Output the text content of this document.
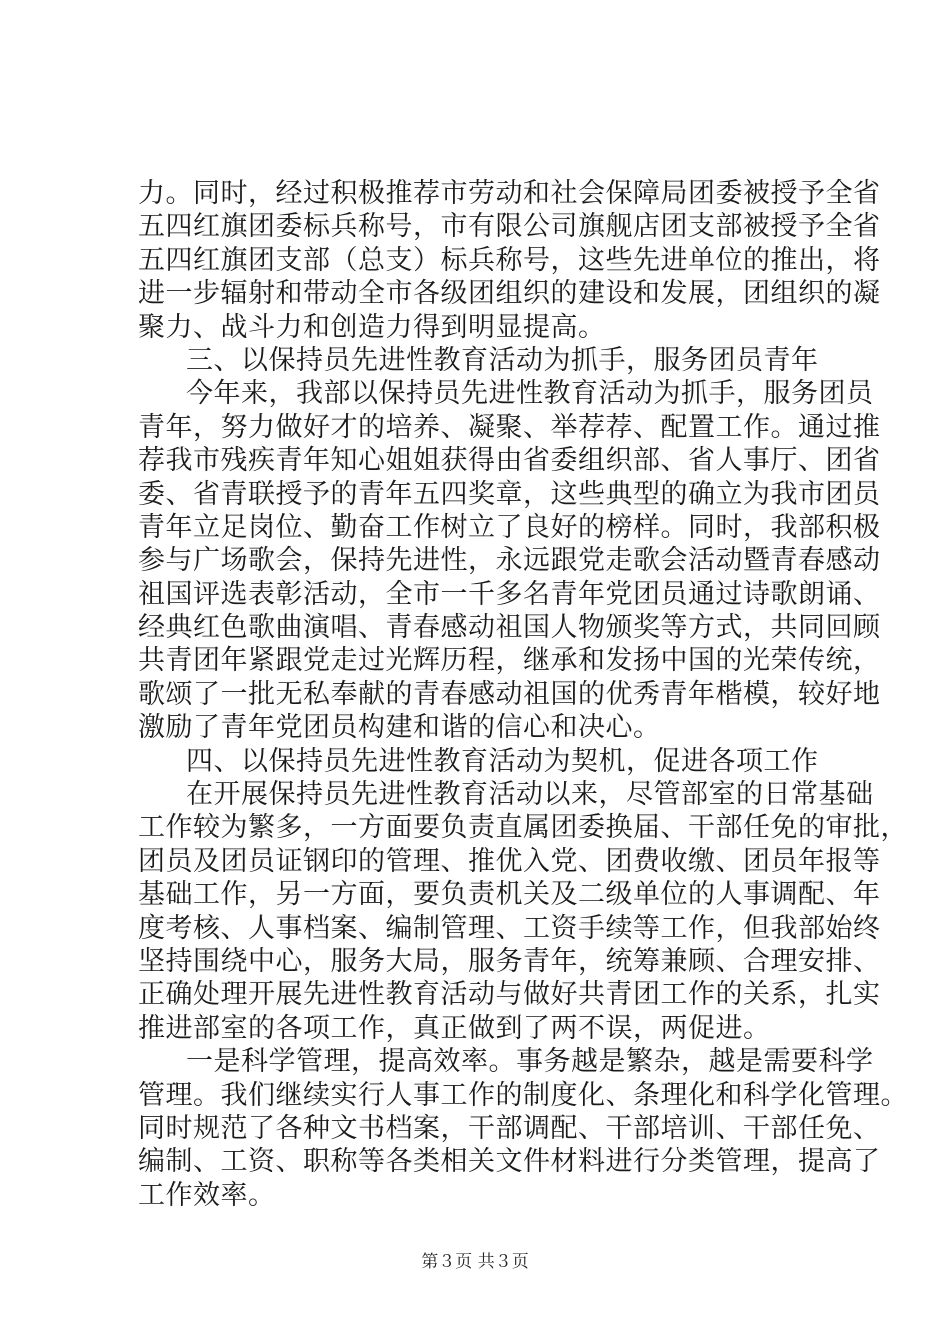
力。同时，经过积极推荐市劳动和社会保障局团委被授予全省
五四红旗团委标兵称号，市有限公司旗舰店团支部被授予全省
五四红旗团支部（总支）标兵称号，这些先进单位的推出，将
进一步辐射和带动全市各级团组织的建设和发展，团组织的凝
聚力、战斗力和创造力得到明显提高。
三、以保持员先进性教育活动为抓手，服务团员青年
今年来，我部以保持员先进性教育活动为抓手，服务团员
青年，努力做好才的培养、凝聚、举荐荐、配置工作。通过推
荐我市残疾青年知心姐姐获得由省委组织部、省人事厅、团省
委、省青联授予的青年五四奖章，这些典型的确立为我市团员
青年立足岗位、勤奋工作树立了良好的榜样。同时，我部积极
参与广场歌会，保持先进性，永远跟党走歌会活动暨青春感动
祖国评选表彰活动，全市一千多名青年党团员通过诗歌朗诵、
经典红色歌曲演唱、青春感动祖国人物颁奖等方式，共同回顾
共青团年紧跟党走过光辉历程，继承和发扬中国的光荣传统，
歌颂了一批无私奉献的青春感动祖国的优秀青年楷模，较好地
激励了青年党团员构建和谐的信心和决心。
四、以保持员先进性教育活动为契机，促进各项工作
在开展保持员先进性教育活动以来，尽管部室的日常基础
工作较为繁多，一方面要负责直属团委换届、干部任免的审批，
团员及团员证钢印的管理、推优入党、团费收缴、团员年报等
基础工作，另一方面，要负责机关及二级单位的人事调配、年
度考核、人事档案、编制管理、工资手续等工作，但我部始终
坚持围绕中心，服务大局，服务青年，统筹兼顾、合理安排、
正确处理开展先进性教育活动与做好共青团工作的关系，扎实
推进部室的各项工作，真正做到了两不误，两促进。
一是科学管理，提高效率。事务越是繁杂，越是需要科学
管理。我们继续实行人事工作的制度化、条理化和科学化管理。
同时规范了各种文书档案，干部调配、干部培训、干部任免、
编制、工资、职称等各类相关文件材料进行分类管理，提高了
工作效率。
第３页 共３页
